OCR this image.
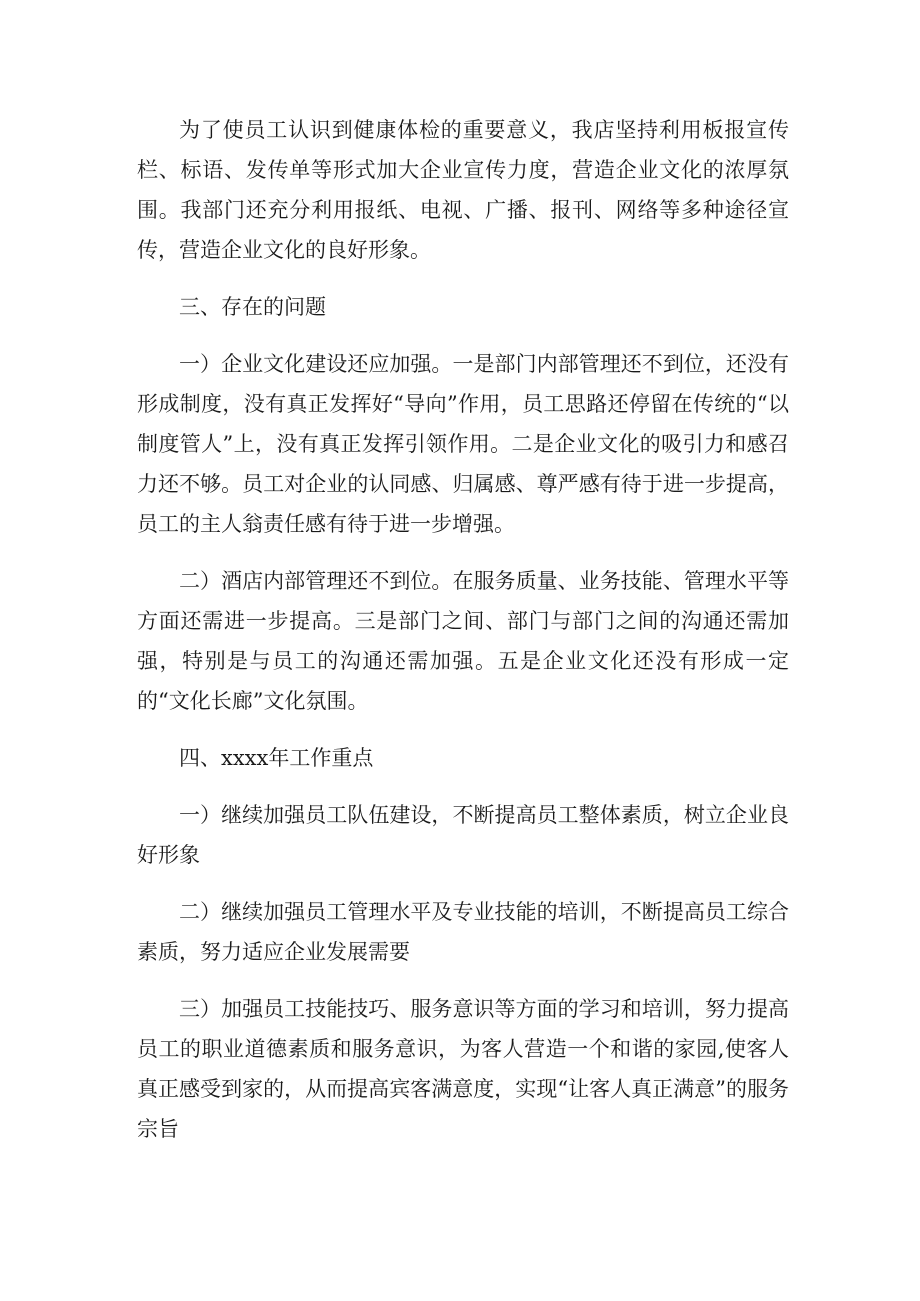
为了使员工认识到健康体检的重要意义，我店坚持利用板报宣传栏、标语、发传单等形式加大企业宣传力度，营造企业文化的浓厚氛围。我部门还充分利用报纸、电视、广播、报刊、网络等多种途径宣传，营造企业文化的良好形象。

三、存在的问题

一）企业文化建设还应加强。一是部门内部管理还不到位，还没有形成制度，没有真正发挥好“导向”作用，员工思路还停留在传统的“以制度管人”上，没有真正发挥引领作用。二是企业文化的吸引力和感召力还不够。员工对企业的认同感、归属感、尊严感有待于进一步提高，员工的主人翁责任感有待于进一步增强。

二）酒店内部管理还不到位。在服务质量、业务技能、管理水平等方面还需进一步提高。三是部门之间、部门与部门之间的沟通还需加强，特别是与员工的沟通还需加强。五是企业文化还没有形成一定的“文化长廊”文化氛围。

四、xxxx年工作重点

一）继续加强员工队伍建设，不断提高员工整体素质，树立企业良好形象

二）继续加强员工管理水平及专业技能的培训，不断提高员工综合素质，努力适应企业发展需要

三）加强员工技能技巧、服务意识等方面的学习和培训，努力提高员工的职业道德素质和服务意识，为客人营造一个和谐的家园,使客人真正感受到家的，从而提高宾客满意度，实现“让客人真正满意”的服务宗旨
